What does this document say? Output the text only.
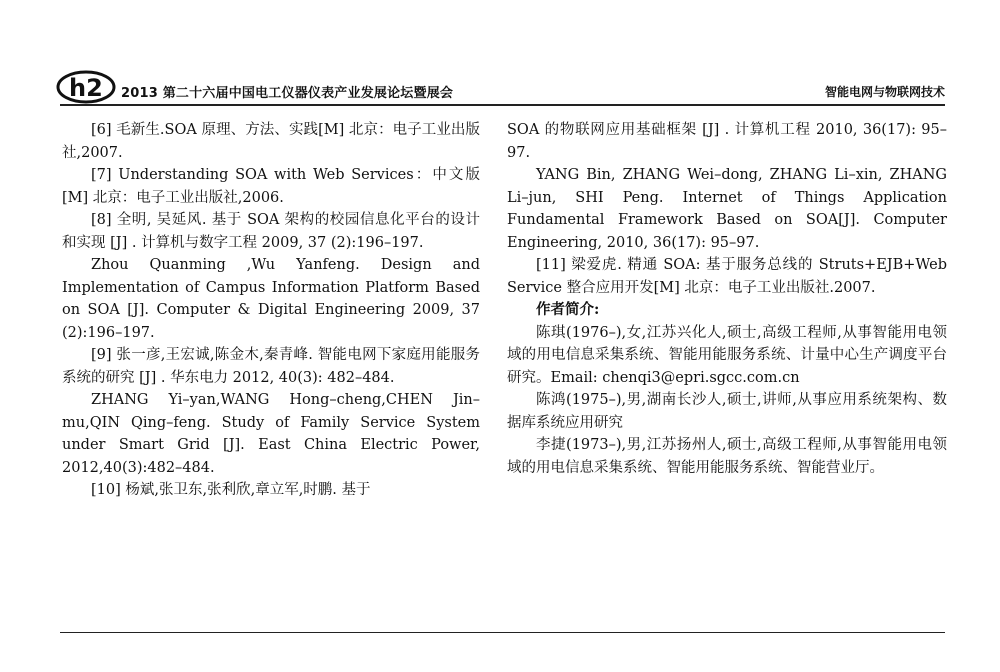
h2 2013 第二十六届中国电工仪器仪表产业发展论坛暨展会	智能电网与物联网技术

[6] 毛新生.SOA 原理、方法、实践[M] 北京：电子工业出版社,2007.

[7] Understanding SOA with Web Services：中文版[M] 北京：电子工业出版社,2006.

[8] 全明, 吴延风. 基于 SOA 架构的校园信息化平台的设计和实现 [J] . 计算机与数字工程 2009, 37 (2):196–197.

Zhou Quanming ,Wu Yanfeng. Design and Implementation of Campus Information Platform Based on SOA [J]. Computer & Digital Engineering 2009, 37 (2):196–197.

[9] 张一彦,王宏诚,陈金木,秦青峰. 智能电网下家庭用能服务系统的研究 [J] . 华东电力 2012, 40(3): 482–484.

ZHANG Yi–yan,WANG Hong–cheng,CHEN Jin–mu,QIN Qing–feng. Study of Family Service System under Smart Grid [J]. East China Electric Power, 2012,40(3):482–484.

[10] 杨斌,张卫东,张利欣,章立军,时鹏. 基于

SOA 的物联网应用基础框架 [J] . 计算机工程 2010, 36(17): 95–97.

YANG Bin, ZHANG Wei–dong, ZHANG Li–xin, ZHANG Li–jun, SHI Peng. Internet of Things Application Fundamental Framework Based on SOA[J]. Computer Engineering, 2010, 36(17): 95–97.

[11] 梁爱虎. 精通 SOA: 基于服务总线的 Struts+EJB+Web Service 整合应用开发[M] 北京：电子工业出版社.2007.

作者简介:

陈琪(1976–),女,江苏兴化人,硕士,高级工程师,从事智能用电领域的用电信息采集系统、智能用能服务系统、计量中心生产调度平台研究。Email: chenqi3@epri.sgcc.com.cn

陈鸿(1975–),男,湖南长沙人,硕士,讲师,从事应用系统架构、数据库系统应用研究

李捷(1973–),男,江苏扬州人,硕士,高级工程师,从事智能用电领域的用电信息采集系统、智能用能服务系统、智能营业厅。
